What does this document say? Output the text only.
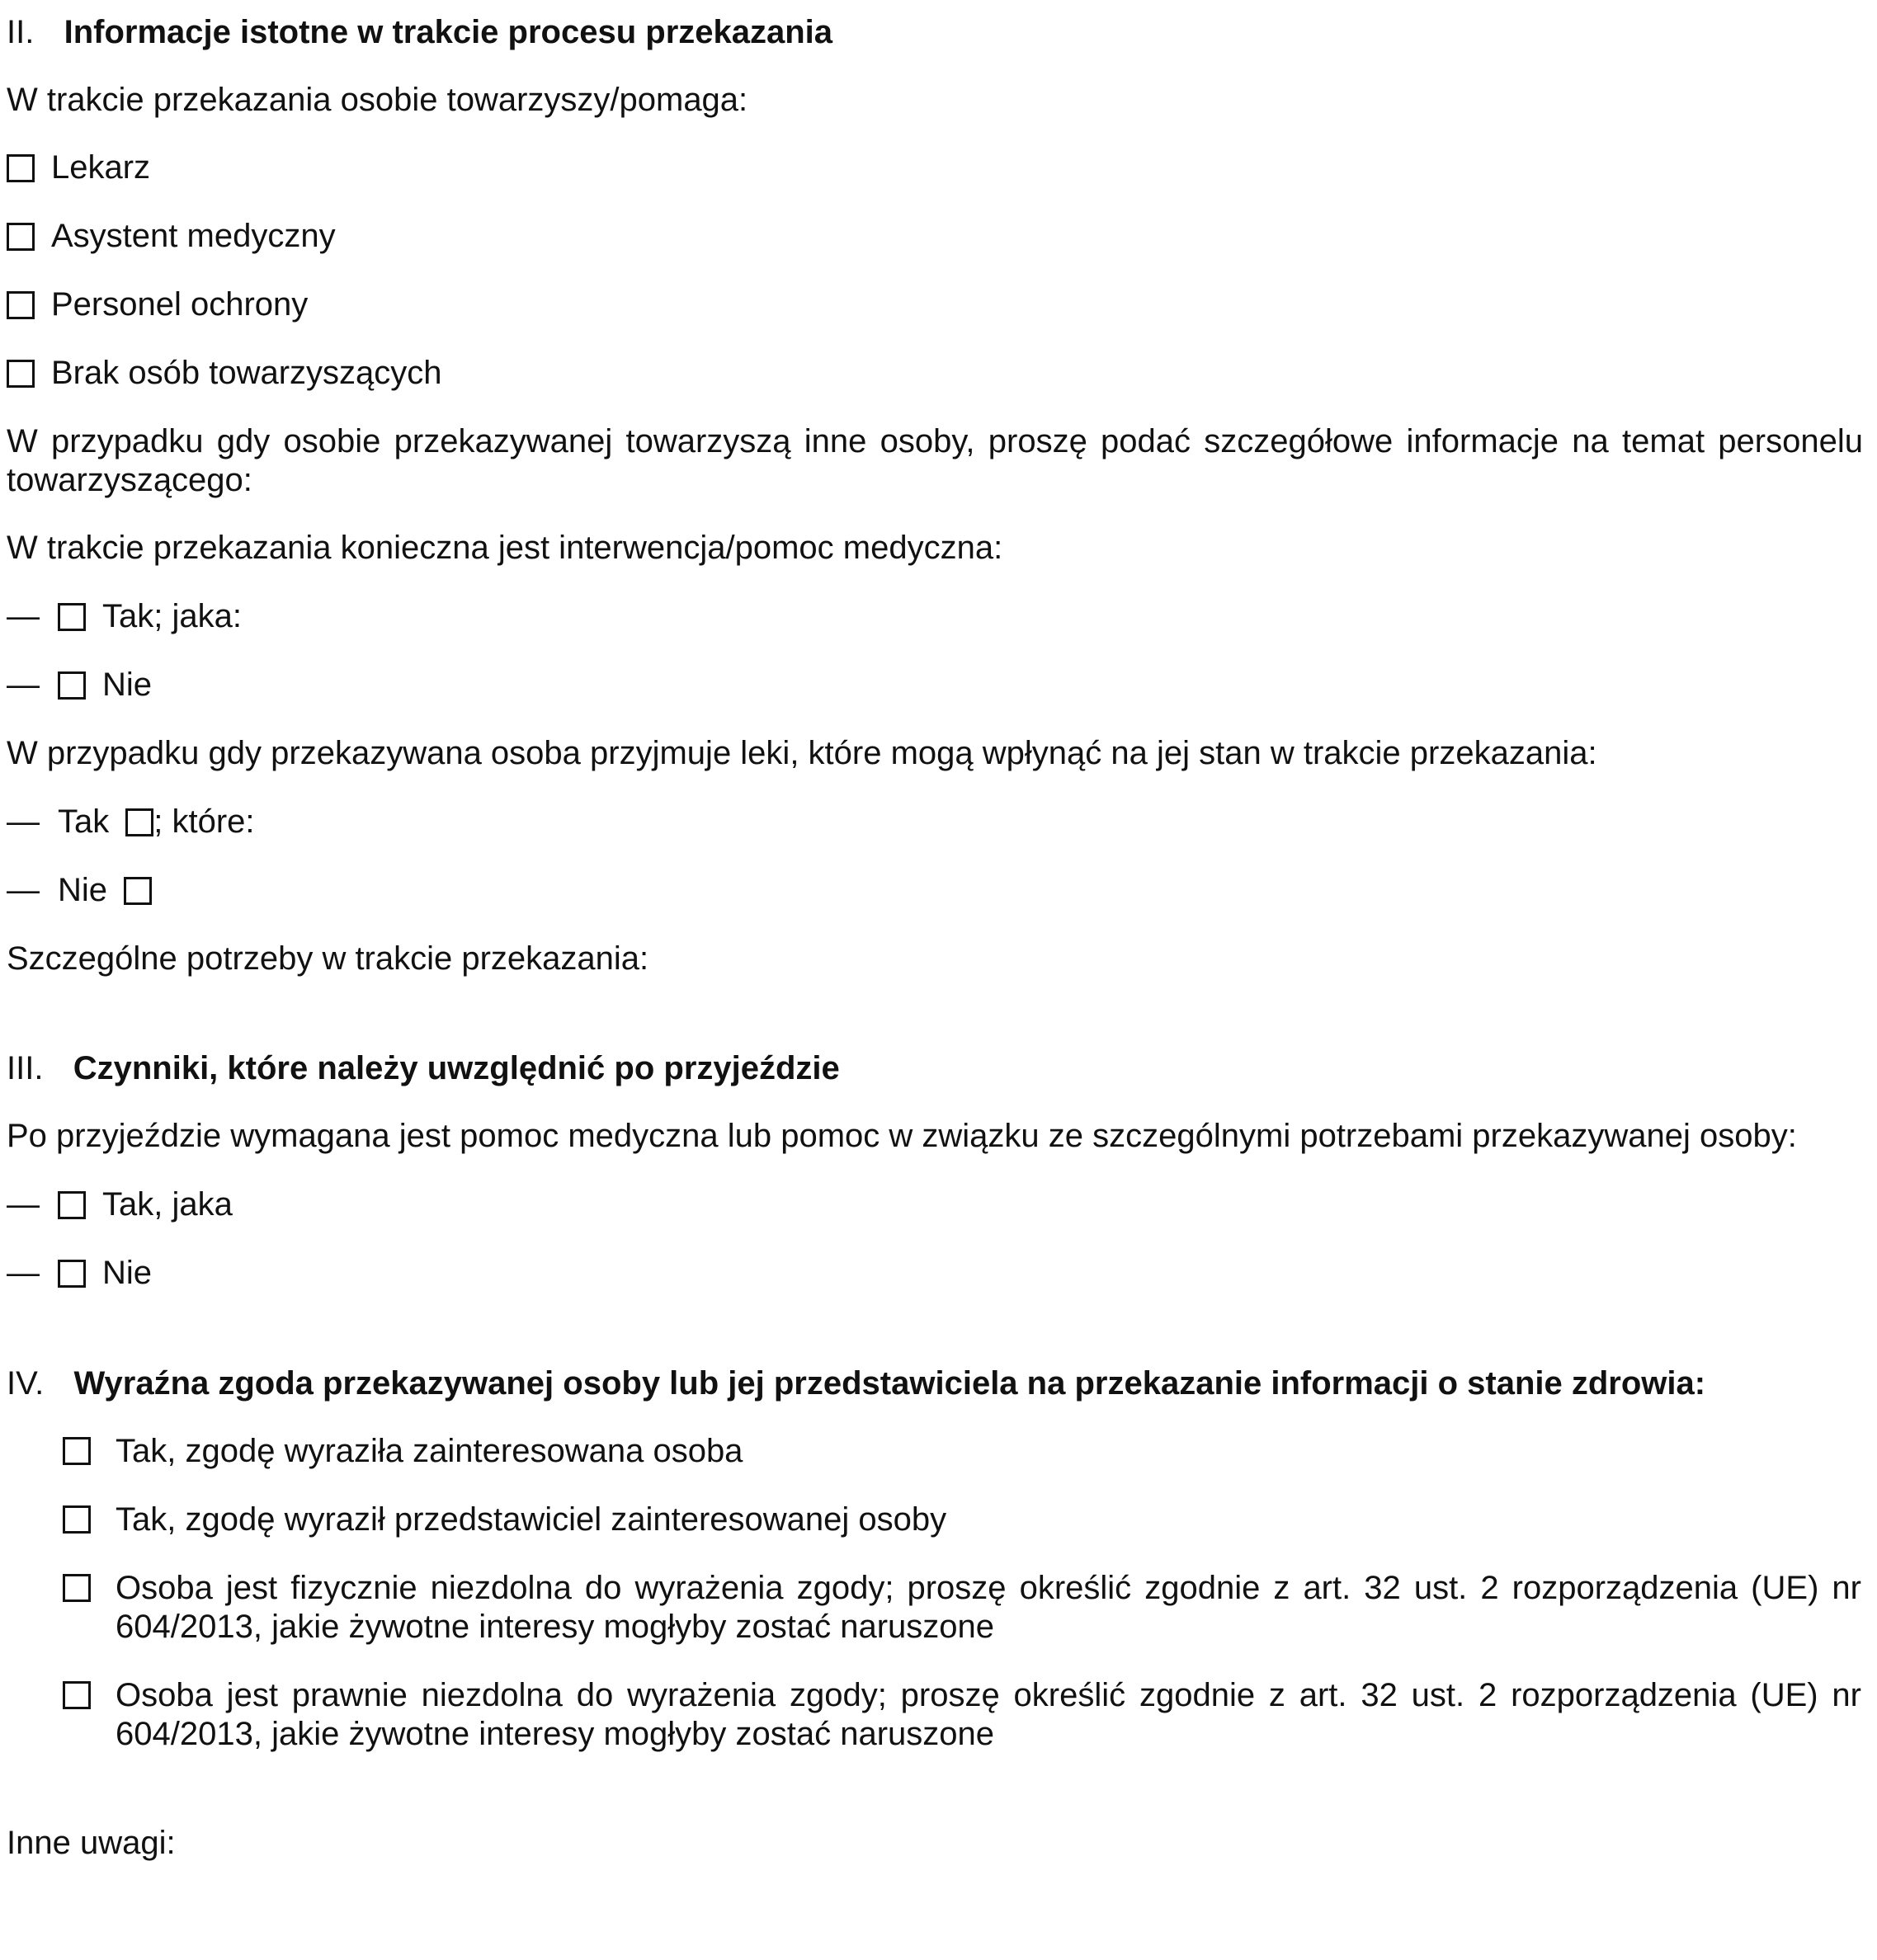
II. Informacje istotne w trakcie procesu przekazania
W trakcie przekazania osobie towarzyszy/pomaga:
Lekarz
Asystent medyczny
Personel ochrony
Brak osób towarzyszących
W przypadku gdy osobie przekazywanej towarzyszą inne osoby, proszę podać szczegółowe informacje na temat personelu towarzyszącego:
W trakcie przekazania konieczna jest interwencja/pomoc medyczna:
— Tak; jaka:
— Nie
W przypadku gdy przekazywana osoba przyjmuje leki, które mogą wpłynąć na jej stan w trakcie przekazania:
— Tak ; które:
— Nie
Szczególne potrzeby w trakcie przekazania:
III. Czynniki, które należy uwzględnić po przyjeździe
Po przyjeździe wymagana jest pomoc medyczna lub pomoc w związku ze szczególnymi potrzebami przekazywanej osoby:
— Tak, jaka
— Nie
IV. Wyraźna zgoda przekazywanej osoby lub jej przedstawiciela na przekazanie informacji o stanie zdrowia:
Tak, zgodę wyraziła zainteresowana osoba
Tak, zgodę wyraził przedstawiciel zainteresowanej osoby
Osoba jest fizycznie niezdolna do wyrażenia zgody; proszę określić zgodnie z art. 32 ust. 2 rozporządzenia (UE) nr 604/2013, jakie żywotne interesy mogłyby zostać naruszone
Osoba jest prawnie niezdolna do wyrażenia zgody; proszę określić zgodnie z art. 32 ust. 2 rozporządzenia (UE) nr 604/2013, jakie żywotne interesy mogłyby zostać naruszone
Inne uwagi:
